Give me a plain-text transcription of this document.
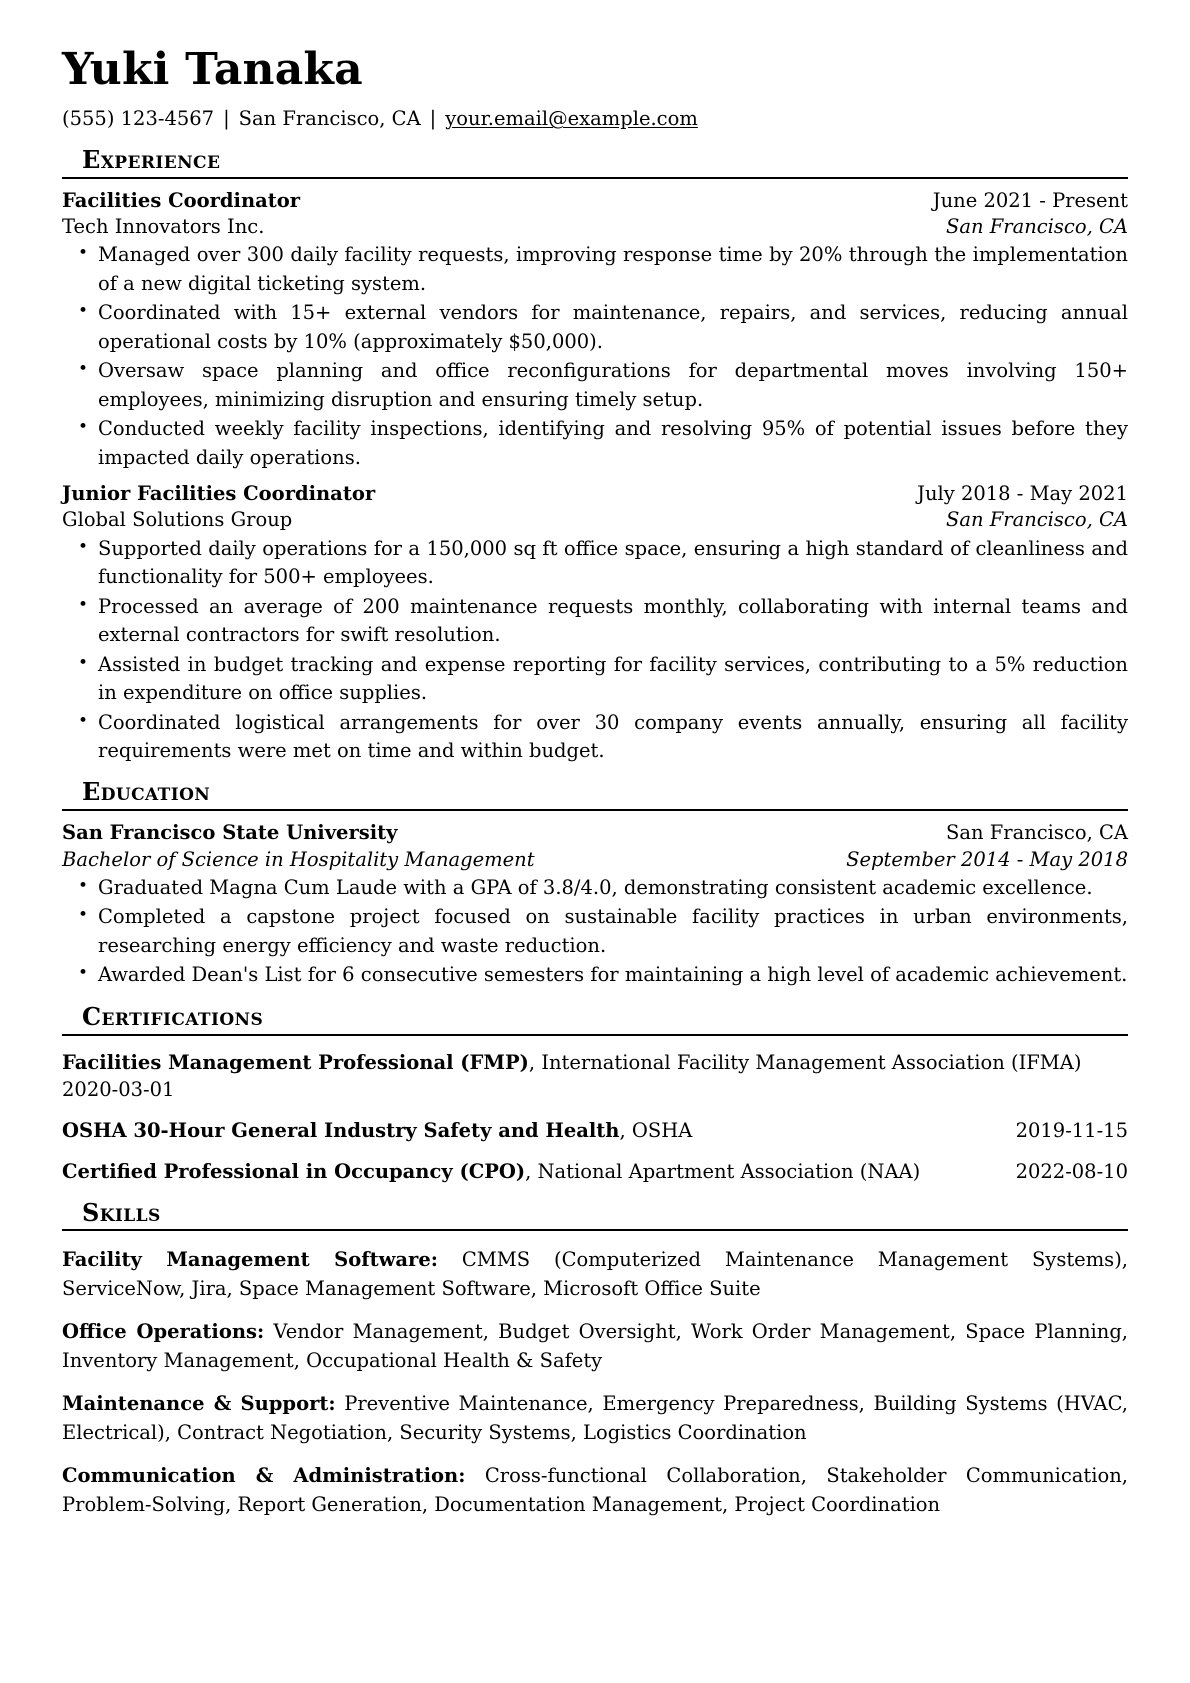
Yuki Tanaka
(555) 123-4567 | San Francisco, CA | your.email@example.com
Experience
Facilities Coordinator	June 2021 - Present
Tech Innovators Inc.	San Francisco, CA
• Managed over 300 daily facility requests, improving response time by 20% through the implementation of a new digital ticketing system.
• Coordinated with 15+ external vendors for maintenance, repairs, and services, reducing annual operational costs by 10% (approximately $50,000).
• Oversaw space planning and office reconfigurations for departmental moves involving 150+ employees, minimizing disruption and ensuring timely setup.
• Conducted weekly facility inspections, identifying and resolving 95% of potential issues before they impacted daily operations.
Junior Facilities Coordinator	July 2018 - May 2021
Global Solutions Group	San Francisco, CA
• Supported daily operations for a 150,000 sq ft office space, ensuring a high standard of cleanliness and functionality for 500+ employees.
• Processed an average of 200 maintenance requests monthly, collaborating with internal teams and external contractors for swift resolution.
• Assisted in budget tracking and expense reporting for facility services, contributing to a 5% reduction in expenditure on office supplies.
• Coordinated logistical arrangements for over 30 company events annually, ensuring all facility requirements were met on time and within budget.
Education
San Francisco State University	San Francisco, CA
Bachelor of Science in Hospitality Management	September 2014 - May 2018
• Graduated Magna Cum Laude with a GPA of 3.8/4.0, demonstrating consistent academic excellence.
• Completed a capstone project focused on sustainable facility practices in urban environments, researching energy efficiency and waste reduction.
• Awarded Dean's List for 6 consecutive semesters for maintaining a high level of academic achievement.
Certifications
Facilities Management Professional (FMP), International Facility Management Association (IFMA)
2020-03-01
OSHA 30-Hour General Industry Safety and Health, OSHA	2019-11-15
Certified Professional in Occupancy (CPO), National Apartment Association (NAA)	2022-08-10
Skills
Facility Management Software: CMMS (Computerized Maintenance Management Systems), ServiceNow, Jira, Space Management Software, Microsoft Office Suite
Office Operations: Vendor Management, Budget Oversight, Work Order Management, Space Planning, Inventory Management, Occupational Health & Safety
Maintenance & Support: Preventive Maintenance, Emergency Preparedness, Building Systems (HVAC, Electrical), Contract Negotiation, Security Systems, Logistics Coordination
Communication & Administration: Cross-functional Collaboration, Stakeholder Communication, Problem-Solving, Report Generation, Documentation Management, Project Coordination
